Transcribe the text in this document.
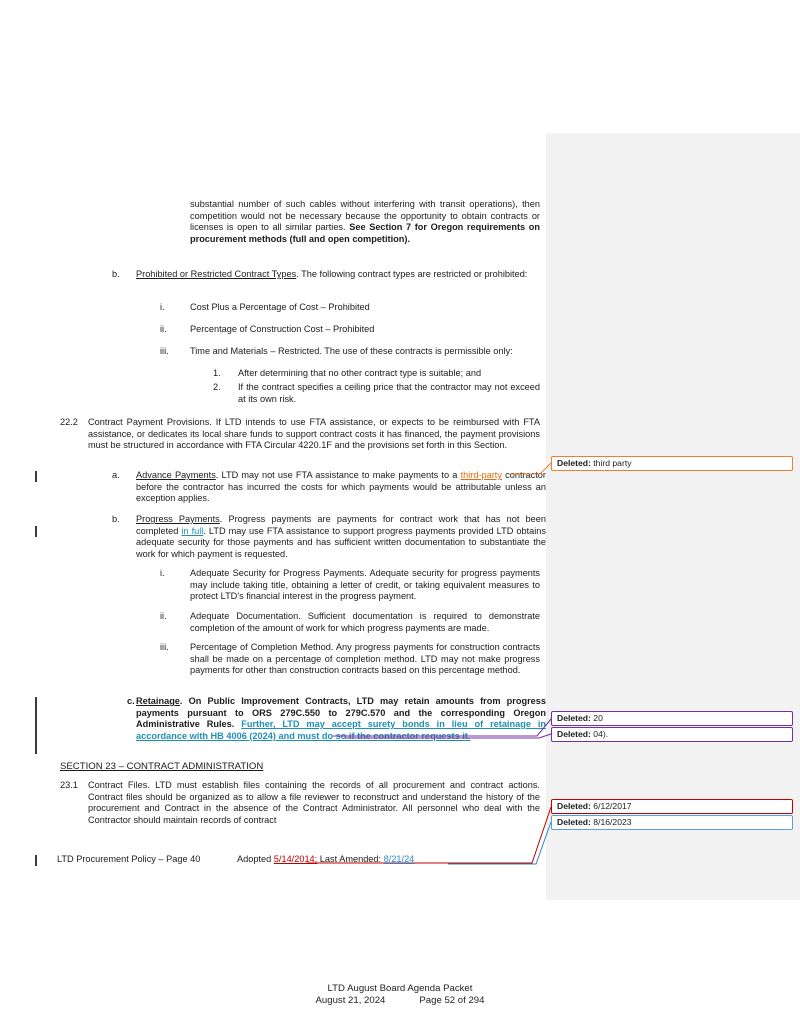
substantial number of such cables without interfering with transit operations), then competition would not be necessary because the opportunity to obtain contracts or licenses is open to all similar parties. See Section 7 for Oregon requirements on procurement methods (full and open competition).
b. Prohibited or Restricted Contract Types. The following contract types are restricted or prohibited:
i.	Cost Plus a Percentage of Cost – Prohibited
ii.	Percentage of Construction Cost – Prohibited
iii. Time and Materials – Restricted. The use of these contracts is permissible only:
1. After determining that no other contract type is suitable; and
2. If the contract specifies a ceiling price that the contractor may not exceed at its own risk.
22.2 Contract Payment Provisions. If LTD intends to use FTA assistance, or expects to be reimbursed with FTA assistance, or dedicates its local share funds to support contract costs it has financed, the payment provisions must be structured in accordance with FTA Circular 4220.1F and the provisions set forth in this Section.
a. Advance Payments. LTD may not use FTA assistance to make payments to a third-party contractor before the contractor has incurred the costs for which payments would be attributable unless an exception applies.
b. Progress Payments. Progress payments are payments for contract work that has not been completed in full. LTD may use FTA assistance to support progress payments provided LTD obtains adequate security for those payments and has sufficient written documentation to substantiate the work for which payment is requested.
i.	Adequate Security for Progress Payments. Adequate security for progress payments may include taking title, obtaining a letter of credit, or taking equivalent measures to protect LTD's financial interest in the progress payment.
ii.	Adequate Documentation. Sufficient documentation is required to demonstrate completion of the amount of work for which progress payments are made.
iii. Percentage of Completion Method. Any progress payments for construction contracts shall be made on a percentage of completion method. LTD may not make progress payments for other than construction contracts based on this percentage method.
c. Retainage. On Public Improvement Contracts, LTD may retain amounts from progress payments pursuant to ORS 279C.550 to 279C.570 and the corresponding Oregon Administrative Rules. Further, LTD may accept surety bonds in lieu of retainage in accordance with HB 4006 (2024) and must do so if the contractor requests it.
SECTION 23 – CONTRACT ADMINISTRATION
23.1 Contract Files. LTD must establish files containing the records of all procurement and contract actions. Contract files should be organized as to allow a file reviewer to reconstruct and understand the history of the procurement and Contract in the absence of the Contract Administrator. All personnel who deal with the Contractor should maintain records of contract
Deleted: third party
Deleted: 20
Deleted: 04).
Deleted: 6/12/2017
Deleted: 8/16/2023
LTD Procurement Policy – Page 40	Adopted 5/14/2014; Last Amended: 8/21/24
LTD August Board Agenda Packet
August 21, 2024	Page 52 of 294
